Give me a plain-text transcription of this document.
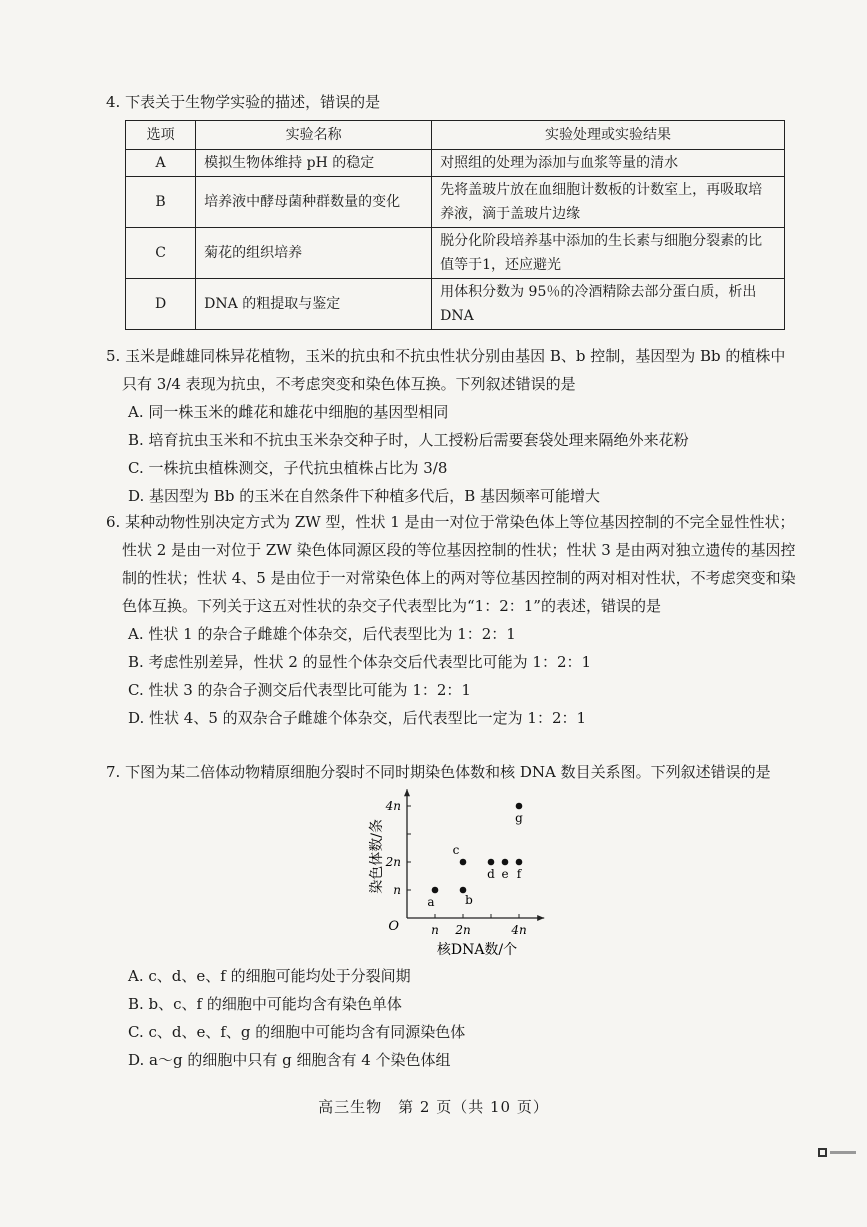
4. 下表关于生物学实验的描述，错误的是

选项	实验名称	实验处理或实验结果
A	模拟生物体维持 pH 的稳定	对照组的处理为添加与血浆等量的清水
B	培养液中酵母菌种群数量的变化	先将盖玻片放在血细胞计数板的计数室上，再吸取培养液，滴于盖玻片边缘
C	菊花的组织培养	脱分化阶段培养基中添加的生长素与细胞分裂素的比值等于1，还应避光
D	DNA 的粗提取与鉴定	用体积分数为 95％的冷酒精除去部分蛋白质，析出DNA

5. 玉米是雌雄同株异花植物，玉米的抗虫和不抗虫性状分别由基因 B、b 控制，基因型为 Bb 的植株中只有 3/4 表现为抗虫，不考虑突变和染色体互换。下列叙述错误的是

A. 同一株玉米的雌花和雄花中细胞的基因型相同

B. 培育抗虫玉米和不抗虫玉米杂交种子时，人工授粉后需要套袋处理来隔绝外来花粉

C. 一株抗虫植株测交，子代抗虫植株占比为 3/8

D. 基因型为 Bb 的玉米在自然条件下种植多代后，B 基因频率可能增大

6. 某种动物性别决定方式为 ZW 型，性状 1 是由一对位于常染色体上等位基因控制的不完全显性性状；性状 2 是由一对位于 ZW 染色体同源区段的等位基因控制的性状；性状 3 是由两对独立遗传的基因控制的性状；性状 4、5 是由位于一对常染色体上的两对等位基因控制的两对相对性状，不考虑突变和染色体互换。下列关于这五对性状的杂交子代表型比为“1：2：1”的表述，错误的是

A. 性状 1 的杂合子雌雄个体杂交，后代表型比为 1：2：1

B. 考虑性别差异，性状 2 的显性个体杂交后代表型比可能为 1：2：1

C. 性状 3 的杂合子测交后代表型比可能为 1：2：1

D. 性状 4、5 的双杂合子雌雄个体杂交，后代表型比一定为 1：2：1

7. 下图为某二倍体动物精原细胞分裂时不同时期染色体数和核 DNA 数目关系图。下列叙述错误的是

n 2n	4n
n
2n
4n
O
核DNA数/个
染色体数/条
a	b
c
d e f
g

A. c、d、e、f 的细胞可能均处于分裂间期

B. b、c、f 的细胞中可能均含有染色单体

C. c、d、e、f、g 的细胞中可能均含有同源染色体

D. a～g 的细胞中只有 g 细胞含有 4 个染色体组

高三生物　第 2 页（共 10 页）
